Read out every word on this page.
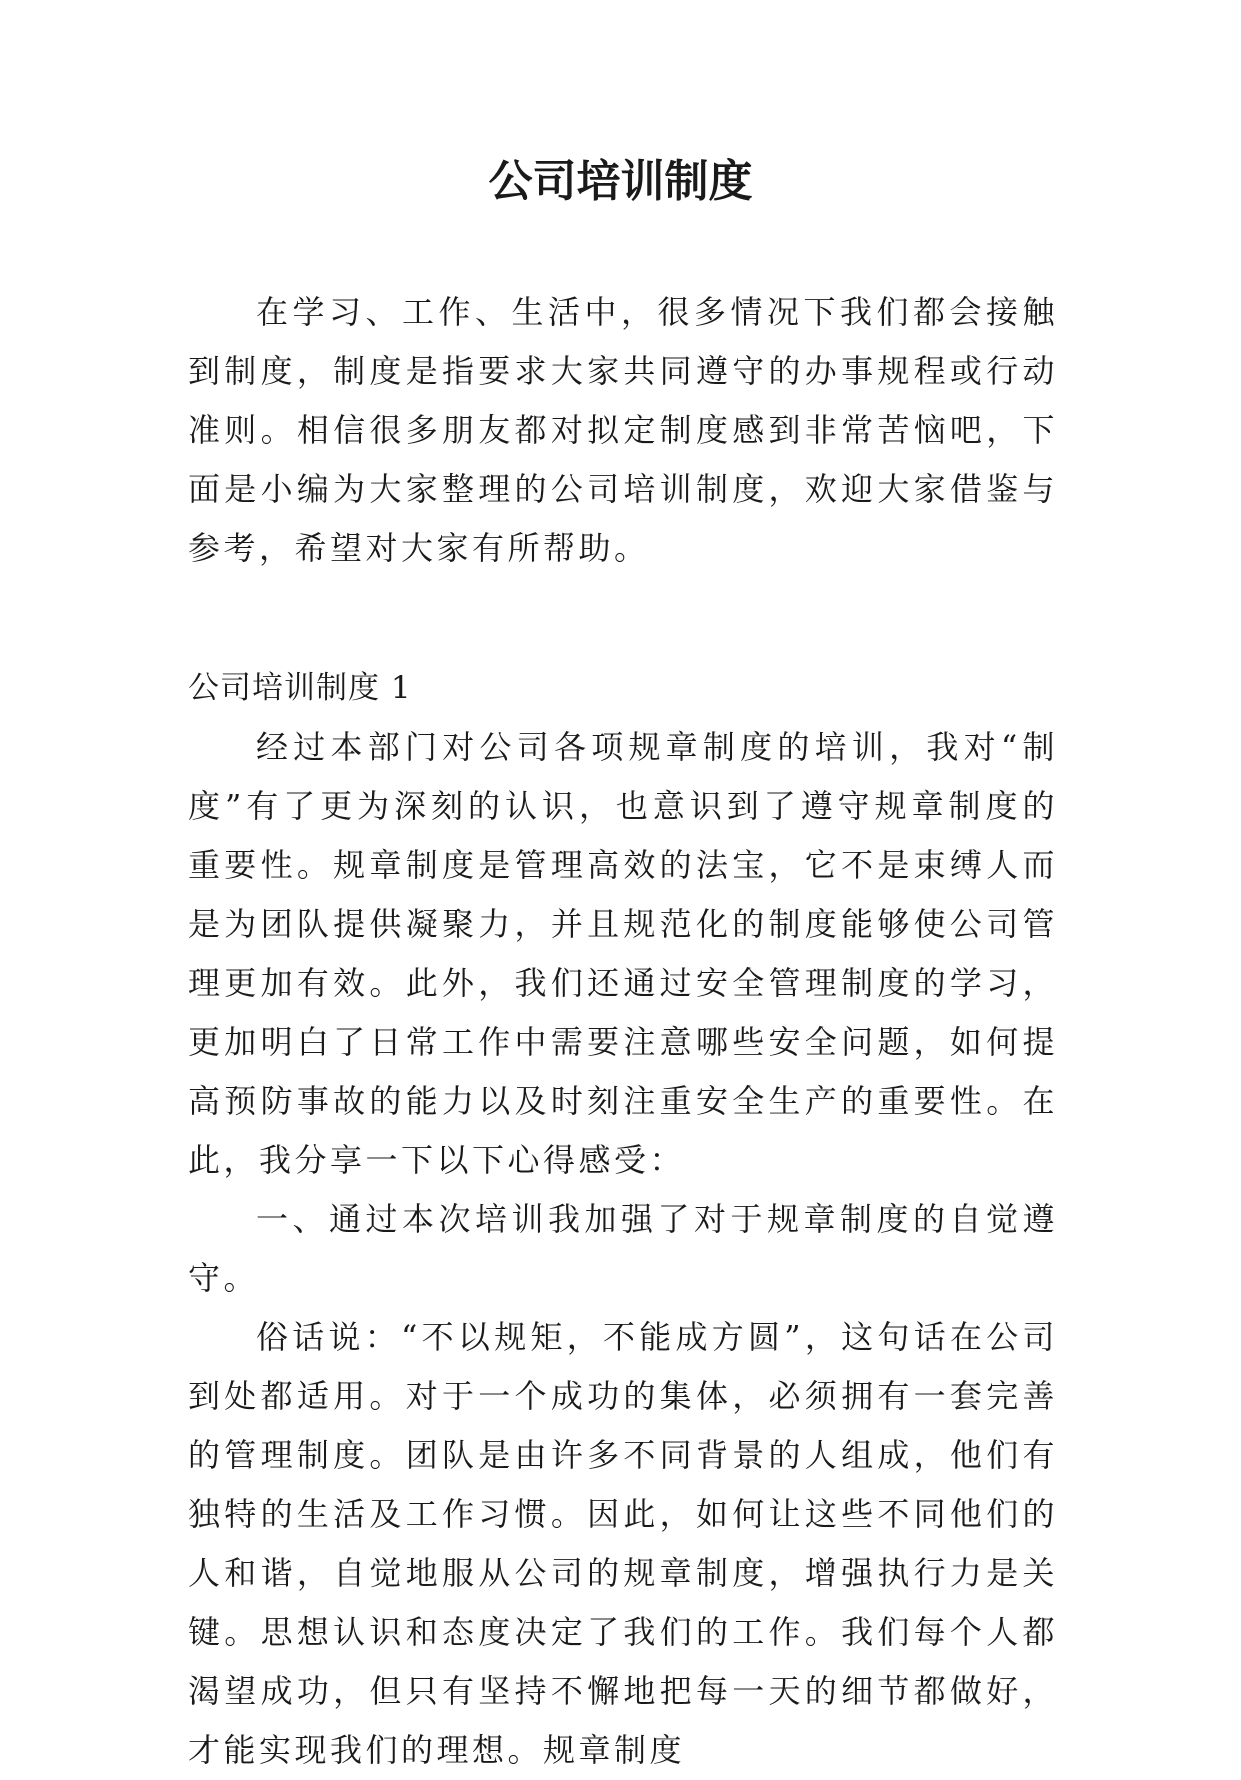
公司培训制度

在学习、工作、生活中，很多情况下我们都会接触到制度，制度是指要求大家共同遵守的办事规程或行动准则。相信很多朋友都对拟定制度感到非常苦恼吧，下面是小编为大家整理的公司培训制度，欢迎大家借鉴与参考，希望对大家有所帮助。

公司培训制度 1

经过本部门对公司各项规章制度的培训，我对“制度”有了更为深刻的认识，也意识到了遵守规章制度的重要性。规章制度是管理高效的法宝，它不是束缚人而是为团队提供凝聚力，并且规范化的制度能够使公司管理更加有效。此外，我们还通过安全管理制度的学习，更加明白了日常工作中需要注意哪些安全问题，如何提高预防事故的能力以及时刻注重安全生产的重要性。在此，我分享一下以下心得感受：

一、通过本次培训我加强了对于规章制度的自觉遵守。

俗话说：“不以规矩，不能成方圆”，这句话在公司到处都适用。对于一个成功的集体，必须拥有一套完善的管理制度。团队是由许多不同背景的人组成，他们有独特的生活及工作习惯。因此，如何让这些不同他们的人和谐，自觉地服从公司的规章制度，增强执行力是关键。思想认识和态度决定了我们的工作。我们每个人都渴望成功，但只有坚持不懈地把每一天的细节都做好，才能实现我们的理想。规章制度
